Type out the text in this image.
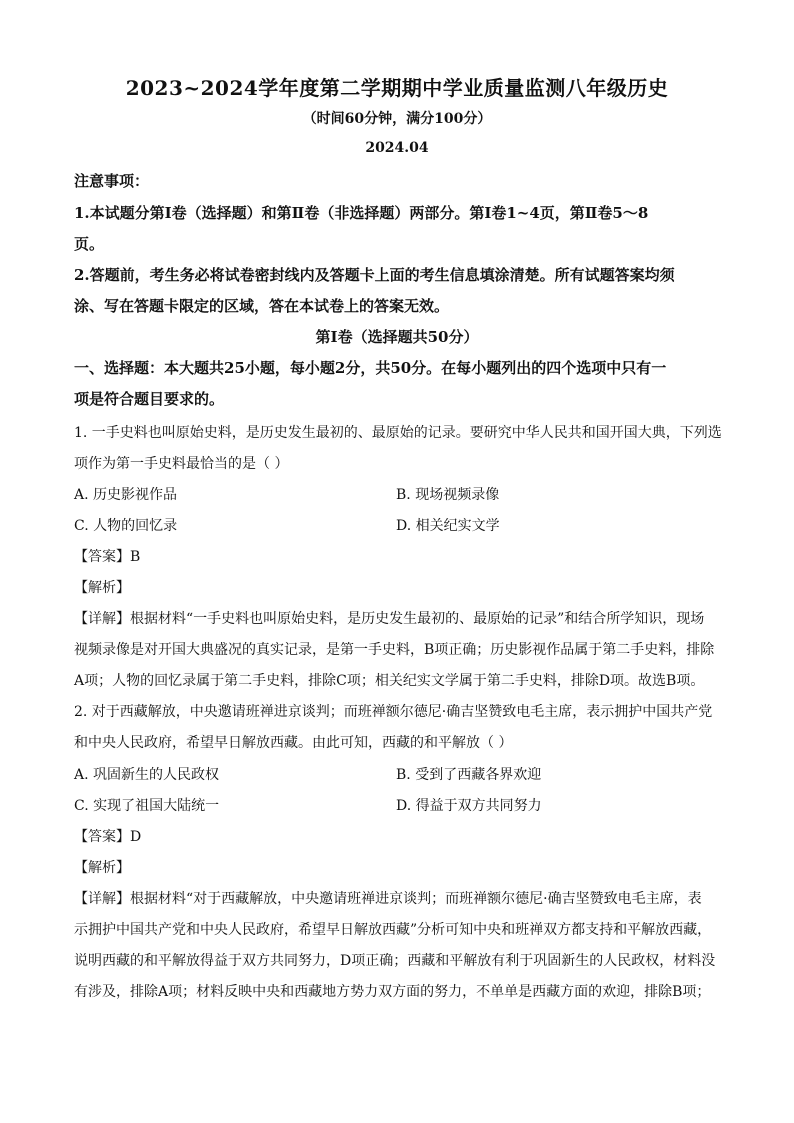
2023~2024学年度第二学期期中学业质量监测八年级历史
（时间60分钟，满分100分）
2024.04
注意事项：
1.本试题分第Ⅰ卷（选择题）和第Ⅱ卷（非选择题）两部分。第Ⅰ卷1~4页，第Ⅱ卷5～8
页。
2.答题前，考生务必将试卷密封线内及答题卡上面的考生信息填涂清楚。所有试题答案均须
涂、写在答题卡限定的区域，答在本试卷上的答案无效。
第Ⅰ卷（选择题共50分）
一、选择题：本大题共25小题，每小题2分，共50分。在每小题列出的四个选项中只有一
项是符合题目要求的。
1. 一手史料也叫原始史料，是历史发生最初的、最原始的记录。要研究中华人民共和国开国大典，下列选
项作为第一手史料最恰当的是（ ）
A. 历史影视作品	B. 现场视频录像
C. 人物的回忆录	D. 相关纪实文学
【答案】B
【解析】
【详解】根据材料“一手史料也叫原始史料，是历史发生最初的、最原始的记录”和结合所学知识，现场
视频录像是对开国大典盛况的真实记录，是第一手史料，B项正确；历史影视作品属于第二手史料，排除
A项；人物的回忆录属于第二手史料，排除C项；相关纪实文学属于第二手史料，排除D项。故选B项。
2. 对于西藏解放，中央邀请班禅进京谈判；而班禅额尔德尼·确吉坚赞致电毛主席，表示拥护中国共产党
和中央人民政府，希望早日解放西藏。由此可知，西藏的和平解放（ ）
A. 巩固新生的人民政权	B. 受到了西藏各界欢迎
C. 实现了祖国大陆统一	D. 得益于双方共同努力
【答案】D
【解析】
【详解】根据材料“对于西藏解放，中央邀请班禅进京谈判；而班禅额尔德尼·确吉坚赞致电毛主席，表
示拥护中国共产党和中央人民政府，希望早日解放西藏”分析可知中央和班禅双方都支持和平解放西藏，
说明西藏的和平解放得益于双方共同努力，D项正确；西藏和平解放有利于巩固新生的人民政权，材料没
有涉及，排除A项；材料反映中央和西藏地方势力双方面的努力，不单单是西藏方面的欢迎，排除B项；
